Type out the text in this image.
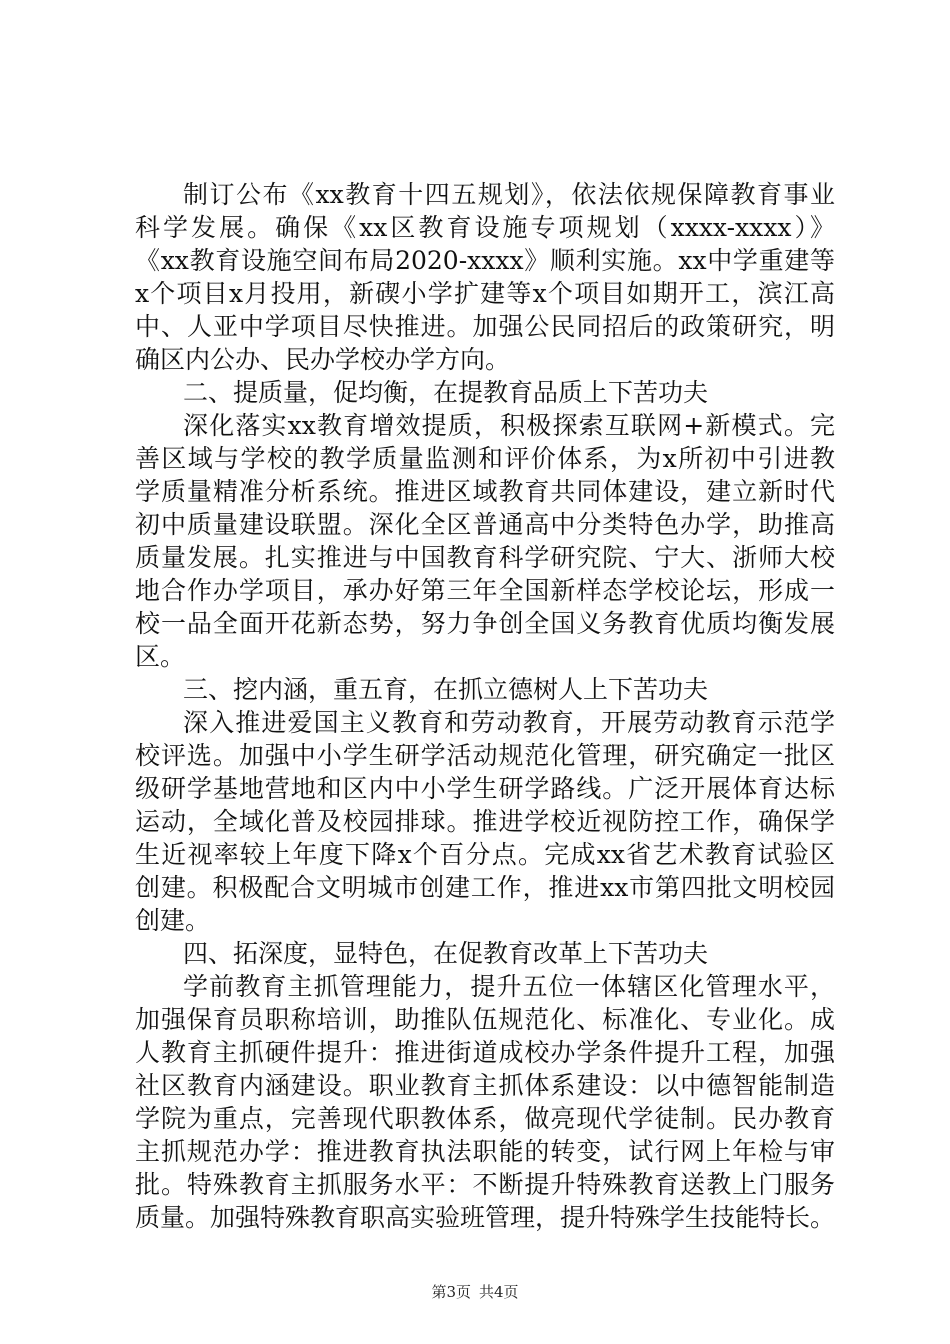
制订公布《xx教育十四五规划》，依法依规保障教育事业
科学发展。确保《xx区教育设施专项规划（xxxx-xxxx）》
《xx教育设施空间布局2020-xxxx》顺利实施。xx中学重建等
x个项目x月投用，新碶小学扩建等x个项目如期开工，滨江高
中、人亚中学项目尽快推进。加强公民同招后的政策研究，明
确区内公办、民办学校办学方向。
二、提质量，促均衡，在提教育品质上下苦功夫
深化落实xx教育增效提质，积极探索互联网+新模式。完
善区域与学校的教学质量监测和评价体系，为x所初中引进教
学质量精准分析系统。推进区域教育共同体建设，建立新时代
初中质量建设联盟。深化全区普通高中分类特色办学，助推高
质量发展。扎实推进与中国教育科学研究院、宁大、浙师大校
地合作办学项目，承办好第三年全国新样态学校论坛，形成一
校一品全面开花新态势，努力争创全国义务教育优质均衡发展
区。
三、挖内涵，重五育，在抓立德树人上下苦功夫
深入推进爱国主义教育和劳动教育，开展劳动教育示范学
校评选。加强中小学生研学活动规范化管理，研究确定一批区
级研学基地营地和区内中小学生研学路线。广泛开展体育达标
运动，全域化普及校园排球。推进学校近视防控工作，确保学
生近视率较上年度下降x个百分点。完成xx省艺术教育试验区
创建。积极配合文明城市创建工作，推进xx市第四批文明校园
创建。
四、拓深度，显特色，在促教育改革上下苦功夫
学前教育主抓管理能力，提升五位一体辖区化管理水平，
加强保育员职称培训，助推队伍规范化、标准化、专业化。成
人教育主抓硬件提升：推进街道成校办学条件提升工程，加强
社区教育内涵建设。职业教育主抓体系建设：以中德智能制造
学院为重点，完善现代职教体系，做亮现代学徒制。民办教育
主抓规范办学：推进教育执法职能的转变，试行网上年检与审
批。特殊教育主抓服务水平：不断提升特殊教育送教上门服务
质量。加强特殊教育职高实验班管理，提升特殊学生技能特长。
第3页 共4页
